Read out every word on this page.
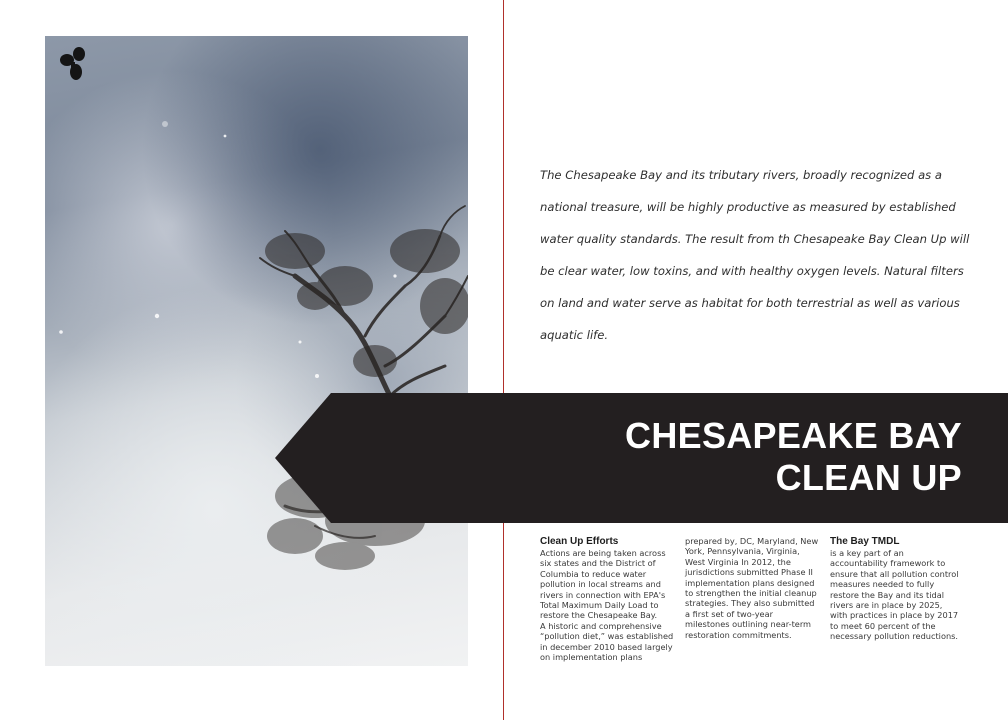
The Chesapeake Bay and its tributary rivers, broadly recognized as a national treasure, will be highly productive as measured by established water quality standards. The result from th Chesapeake Bay Clean Up will be clear water, low toxins, and with healthy oxygen levels. Natural filters on land and water serve as habitat for both terrestrial as well as various aquatic life.

CHESAPEAKE BAY
CLEAN UP
Clean Up Efforts

Actions are being taken across six states and the District of Columbia to reduce water pollution in local streams and rivers in connection with EPA's Total Maximum Daily Load to restore the Chesapeake Bay.

A historic and comprehensive “pollution diet,” was established in december 2010 based largely on implementation plans

prepared by, DC, Maryland, New York, Pennsylvania, Virginia, West Virginia In 2012, the jurisdictions submitted Phase II implementation plans designed to strengthen the initial cleanup strategies. They also submitted a first set of two-year milestones outlining near-term restoration commitments.

The Bay TMDL

is a key part of an accountability framework to ensure that all pollution control measures needed to fully restore the Bay and its tidal rivers are in place by 2025, with practices in place by 2017 to meet 60 percent of the necessary pollution reductions.
